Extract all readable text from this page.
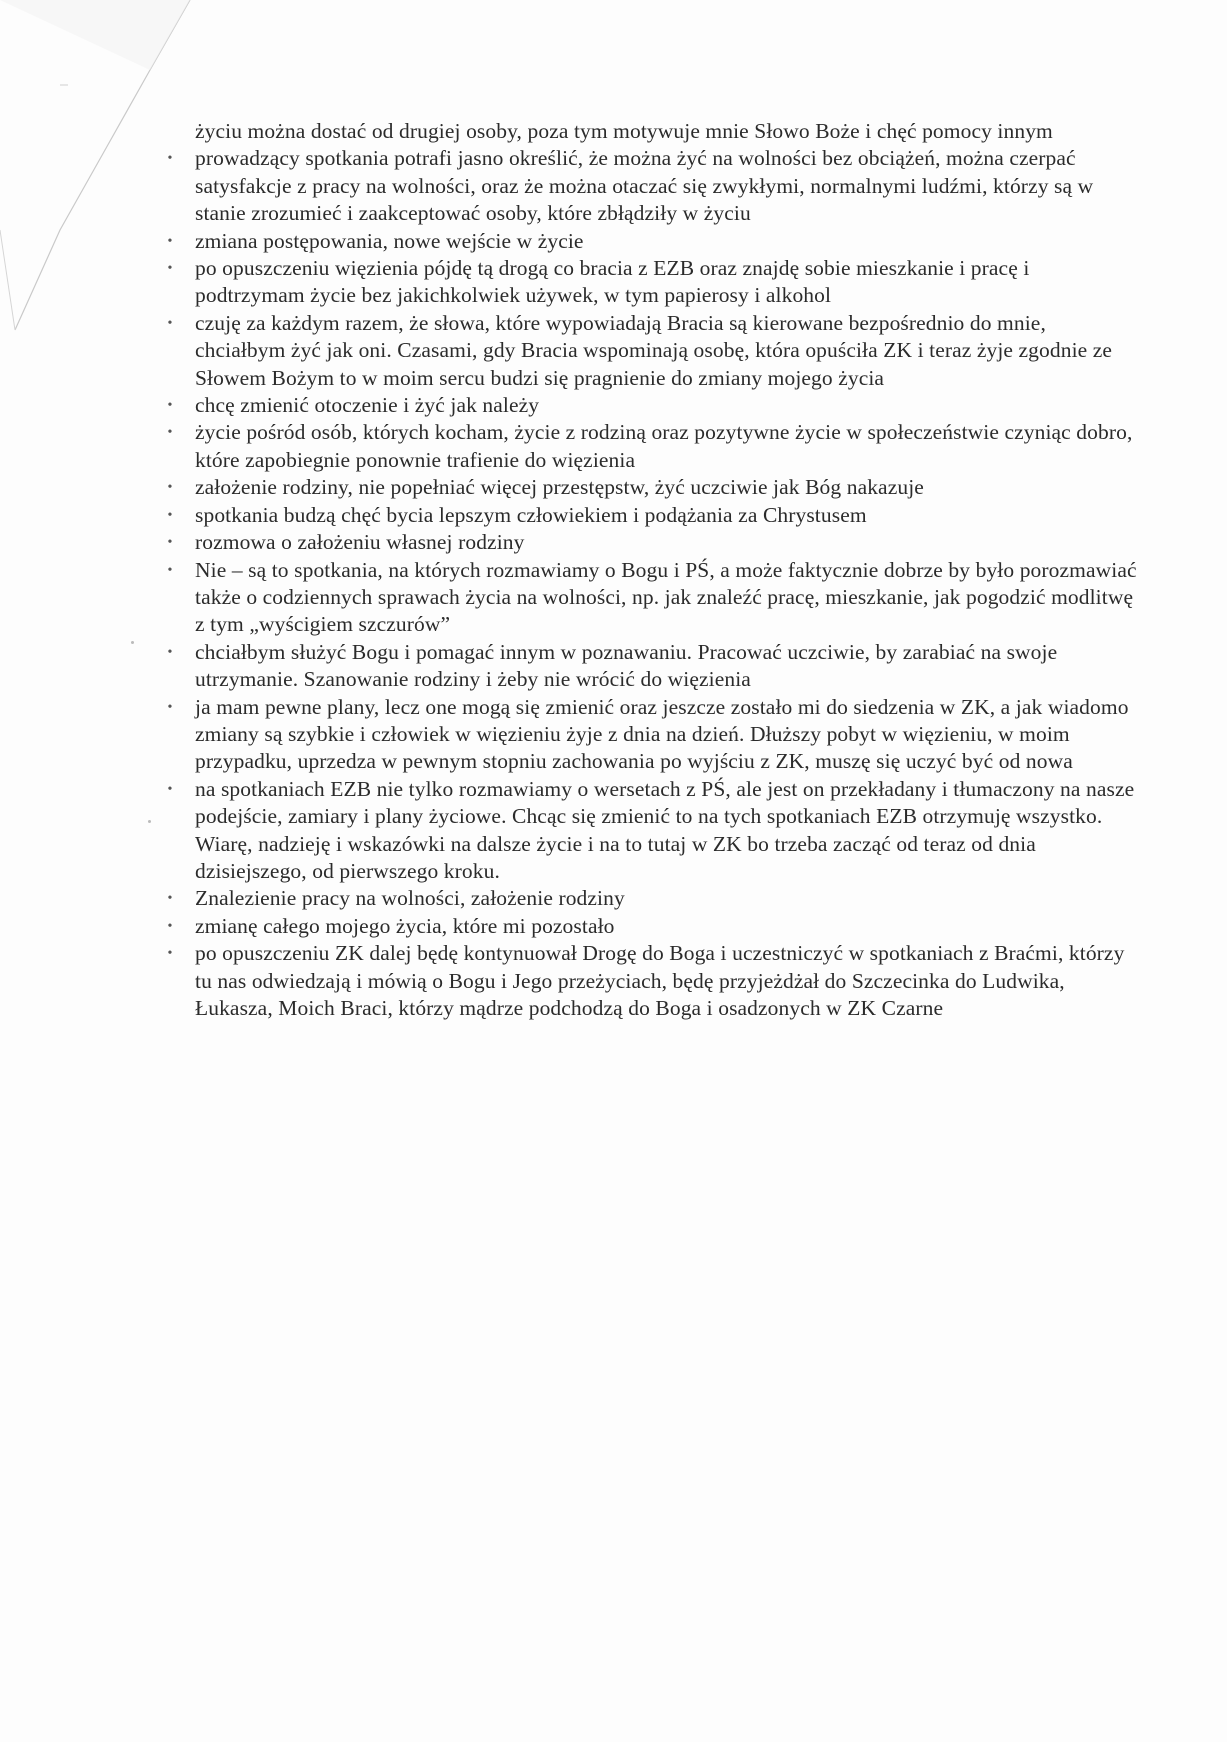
życiu można dostać od drugiej osoby, poza tym motywuje mnie Słowo Boże i chęć pomocy innym

• prowadzący spotkania potrafi jasno określić, że można żyć na wolności bez obciążeń, można czerpać satysfakcje z pracy na wolności, oraz że można otaczać się zwykłymi, normalnymi ludźmi, którzy są w stanie zrozumieć i zaakceptować osoby, które zbłądziły w życiu
• zmiana postępowania, nowe wejście w życie
• po opuszczeniu więzienia pójdę tą drogą co bracia z EZB oraz znajdę sobie mieszkanie i pracę i podtrzymam życie bez jakichkolwiek używek, w tym papierosy i alkohol
• czuję za każdym razem, że słowa, które wypowiadają Bracia są kierowane bezpośrednio do mnie, chciałbym żyć jak oni. Czasami, gdy Bracia wspominają osobę, która opuściła ZK i teraz żyje zgodnie ze Słowem Bożym to w moim sercu budzi się pragnienie do zmiany mojego życia
• chcę zmienić otoczenie i żyć jak należy
• życie pośród osób, których kocham, życie z rodziną oraz pozytywne życie w społeczeństwie czyniąc dobro, które zapobiegnie ponownie trafienie do więzienia
• założenie rodziny, nie popełniać więcej przestępstw, żyć uczciwie jak Bóg nakazuje
• spotkania budzą chęć bycia lepszym człowiekiem i podążania za Chrystusem
• rozmowa o założeniu własnej rodziny
• Nie – są to spotkania, na których rozmawiamy o Bogu i PŚ, a może faktycznie dobrze by było porozmawiać także o codziennych sprawach życia na wolności, np. jak znaleźć pracę, mieszkanie, jak pogodzić modlitwę z tym „wyścigiem szczurów”
• chciałbym służyć Bogu i pomagać innym w poznawaniu. Pracować uczciwie, by zarabiać na swoje utrzymanie. Szanowanie rodziny i żeby nie wrócić do więzienia
• ja mam pewne plany, lecz one mogą się zmienić oraz jeszcze zostało mi do siedzenia w ZK, a jak wiadomo zmiany są szybkie i człowiek w więzieniu żyje z dnia na dzień. Dłuższy pobyt w więzieniu, w moim przypadku, uprzedza w pewnym stopniu zachowania po wyjściu z ZK, muszę się uczyć być od nowa
• na spotkaniach EZB nie tylko rozmawiamy o wersetach z PŚ, ale jest on przekładany i tłumaczony na nasze podejście, zamiary i plany życiowe. Chcąc się zmienić to na tych spotkaniach EZB otrzymuję wszystko. Wiarę, nadzieję i wskazówki na dalsze życie i na to tutaj w ZK bo trzeba zacząć od teraz od dnia dzisiejszego, od pierwszego kroku.
• Znalezienie pracy na wolności, założenie rodziny
• zmianę całego mojego życia, które mi pozostało
• po opuszczeniu ZK dalej będę kontynuował Drogę do Boga i uczestniczyć w spotkaniach z Braćmi, którzy tu nas odwiedzają i mówią o Bogu i Jego przeżyciach, będę przyjeżdżał do Szczecinka do Ludwika, Łukasza, Moich Braci, którzy mądrze podchodzą do Boga i osadzonych w ZK Czarne
